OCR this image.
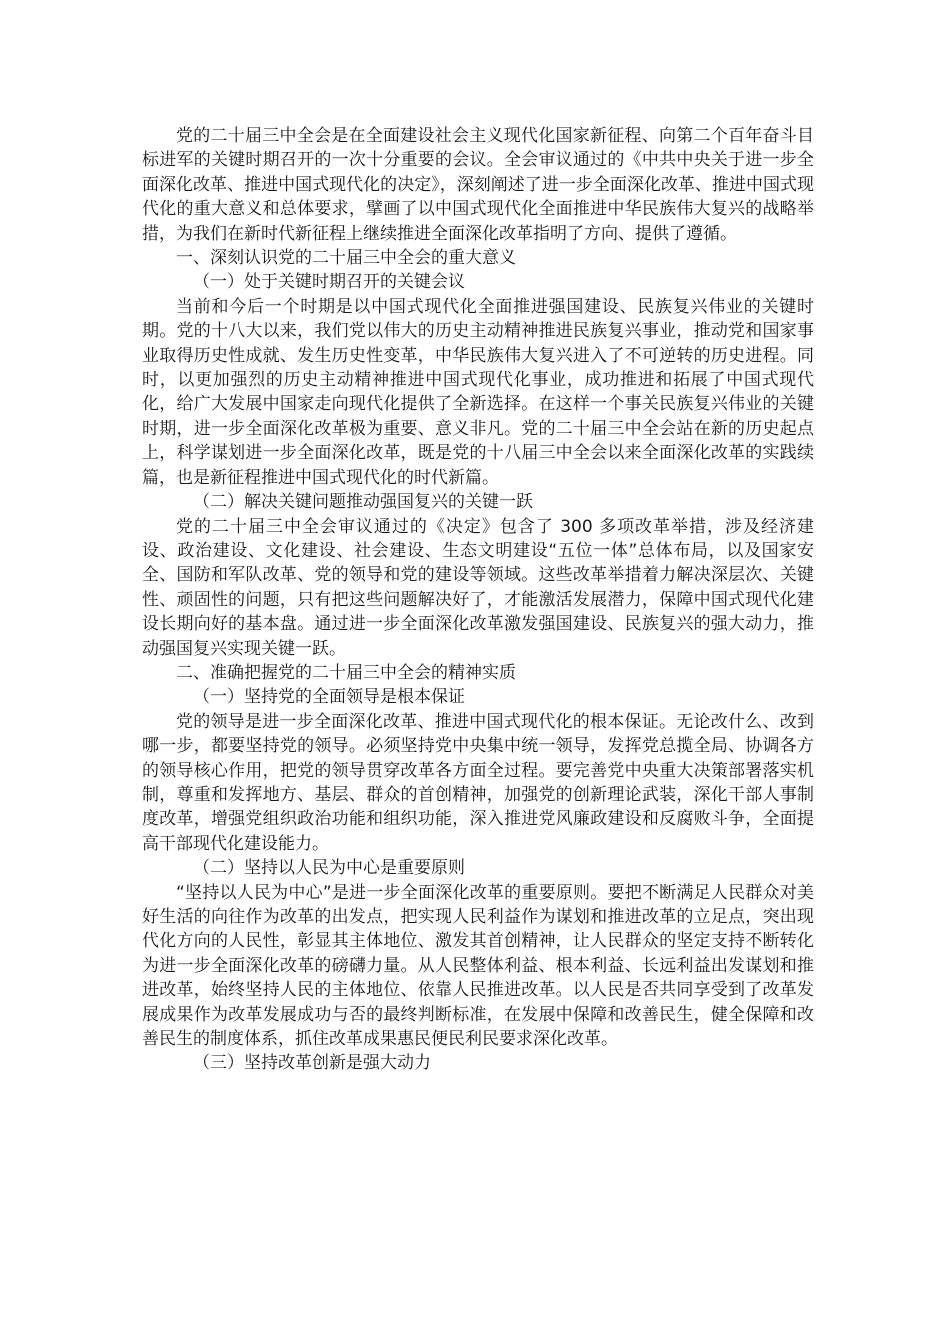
党的二十届三中全会是在全面建设社会主义现代化国家新征程、向第二个百年奋斗目标进军的关键时期召开的一次十分重要的会议。全会审议通过的《中共中央关于进一步全面深化改革、推进中国式现代化的决定》，深刻阐述了进一步全面深化改革、推进中国式现代化的重大意义和总体要求，擘画了以中国式现代化全面推进中华民族伟大复兴的战略举措，为我们在新时代新征程上继续推进全面深化改革指明了方向、提供了遵循。

一、深刻认识党的二十届三中全会的重大意义

（一）处于关键时期召开的关键会议

当前和今后一个时期是以中国式现代化全面推进强国建设、民族复兴伟业的关键时期。党的十八大以来，我们党以伟大的历史主动精神推进民族复兴事业，推动党和国家事业取得历史性成就、发生历史性变革，中华民族伟大复兴进入了不可逆转的历史进程。同时，以更加强烈的历史主动精神推进中国式现代化事业，成功推进和拓展了中国式现代化，给广大发展中国家走向现代化提供了全新选择。在这样一个事关民族复兴伟业的关键时期，进一步全面深化改革极为重要、意义非凡。党的二十届三中全会站在新的历史起点上，科学谋划进一步全面深化改革，既是党的十八届三中全会以来全面深化改革的实践续篇，也是新征程推进中国式现代化的时代新篇。

（二）解决关键问题推动强国复兴的关键一跃

党的二十届三中全会审议通过的《决定》包含了 300 多项改革举措，涉及经济建设、政治建设、文化建设、社会建设、生态文明建设“五位一体”总体布局，以及国家安全、国防和军队改革、党的领导和党的建设等领域。这些改革举措着力解决深层次、关键性、顽固性的问题，只有把这些问题解决好了，才能激活发展潜力，保障中国式现代化建设长期向好的基本盘。通过进一步全面深化改革激发强国建设、民族复兴的强大动力，推动强国复兴实现关键一跃。

二、准确把握党的二十届三中全会的精神实质

（一）坚持党的全面领导是根本保证

党的领导是进一步全面深化改革、推进中国式现代化的根本保证。无论改什么、改到哪一步，都要坚持党的领导。必须坚持党中央集中统一领导，发挥党总揽全局、协调各方的领导核心作用，把党的领导贯穿改革各方面全过程。要完善党中央重大决策部署落实机制，尊重和发挥地方、基层、群众的首创精神，加强党的创新理论武装，深化干部人事制度改革，增强党组织政治功能和组织功能，深入推进党风廉政建设和反腐败斗争，全面提高干部现代化建设能力。

（二）坚持以人民为中心是重要原则

“坚持以人民为中心”是进一步全面深化改革的重要原则。要把不断满足人民群众对美好生活的向往作为改革的出发点，把实现人民利益作为谋划和推进改革的立足点，突出现代化方向的人民性，彰显其主体地位、激发其首创精神，让人民群众的坚定支持不断转化为进一步全面深化改革的磅礴力量。从人民整体利益、根本利益、长远利益出发谋划和推进改革，始终坚持人民的主体地位、依靠人民推进改革。以人民是否共同享受到了改革发展成果作为改革发展成功与否的最终判断标准，在发展中保障和改善民生，健全保障和改善民生的制度体系，抓住改革成果惠民便民利民要求深化改革。

（三）坚持改革创新是强大动力
